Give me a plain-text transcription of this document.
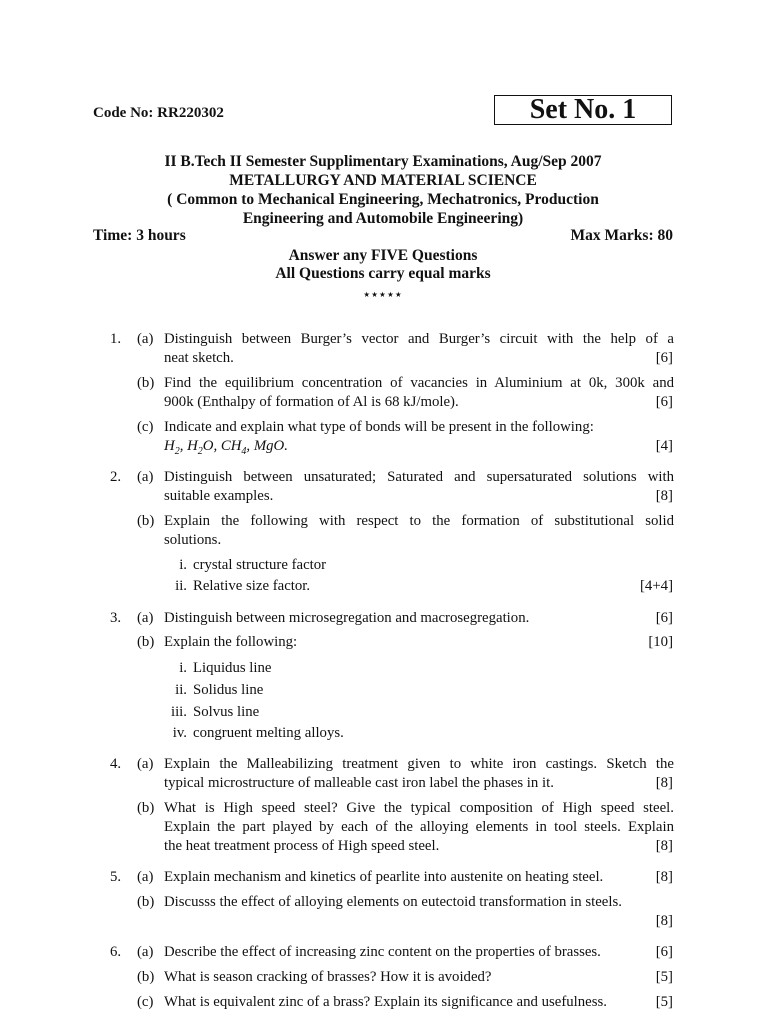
Code No: RR220302	Set No. 1
II B.Tech II Semester Supplimentary Examinations, Aug/Sep 2007
METALLURGY AND MATERIAL SCIENCE
( Common to Mechanical Engineering, Mechatronics, Production
Engineering and Automobile Engineering)
Time: 3 hours	Max Marks: 80
Answer any FIVE Questions
All Questions carry equal marks
⋆⋆⋆⋆⋆
1. (a) Distinguish between Burger’s vector and Burger’s circuit with the help of a
neat sketch.	[6]
(b) Find the equilibrium concentration of vacancies in Aluminium at 0k, 300k and
900k (Enthalpy of formation of Al is 68 kJ/mole).	[6]
(c) Indicate and explain what type of bonds will be present in the following:
$H_2$, $H_2O$, $CH_4$, MgO.	[4]
2. (a) Distinguish between unsaturated; Saturated and supersaturated solutions with
suitable examples.	[8]
(b) Explain the following with respect to the formation of substitutional solid
solutions.
i. crystal structure factor
ii. Relative size factor.	[4+4]
3. (a) Distinguish between microsegregation and macrosegregation.	[6]
(b) Explain the following:	[10]
i. Liquidus line
ii. Solidus line
iii. Solvus line
iv. congruent melting alloys.
4. (a) Explain the Malleabilizing treatment given to white iron castings. Sketch the
typical microstructure of malleable cast iron label the phases in it.	[8]
(b) What is High speed steel? Give the typical composition of High speed steel.
Explain the part played by each of the alloying elements in tool steels. Explain
the heat treatment process of High speed steel.	[8]
5. (a) Explain mechanism and kinetics of pearlite into austenite on heating steel.	[8]
(b) Discusss the effect of alloying elements on eutectoid transformation in steels.
[8]
6. (a) Describe the effect of increasing zinc content on the properties of brasses.	[6]
(b) What is season cracking of brasses? How it is avoided?	[5]
(c) What is equivalent zinc of a brass? Explain its significance and usefulness.	[5]
